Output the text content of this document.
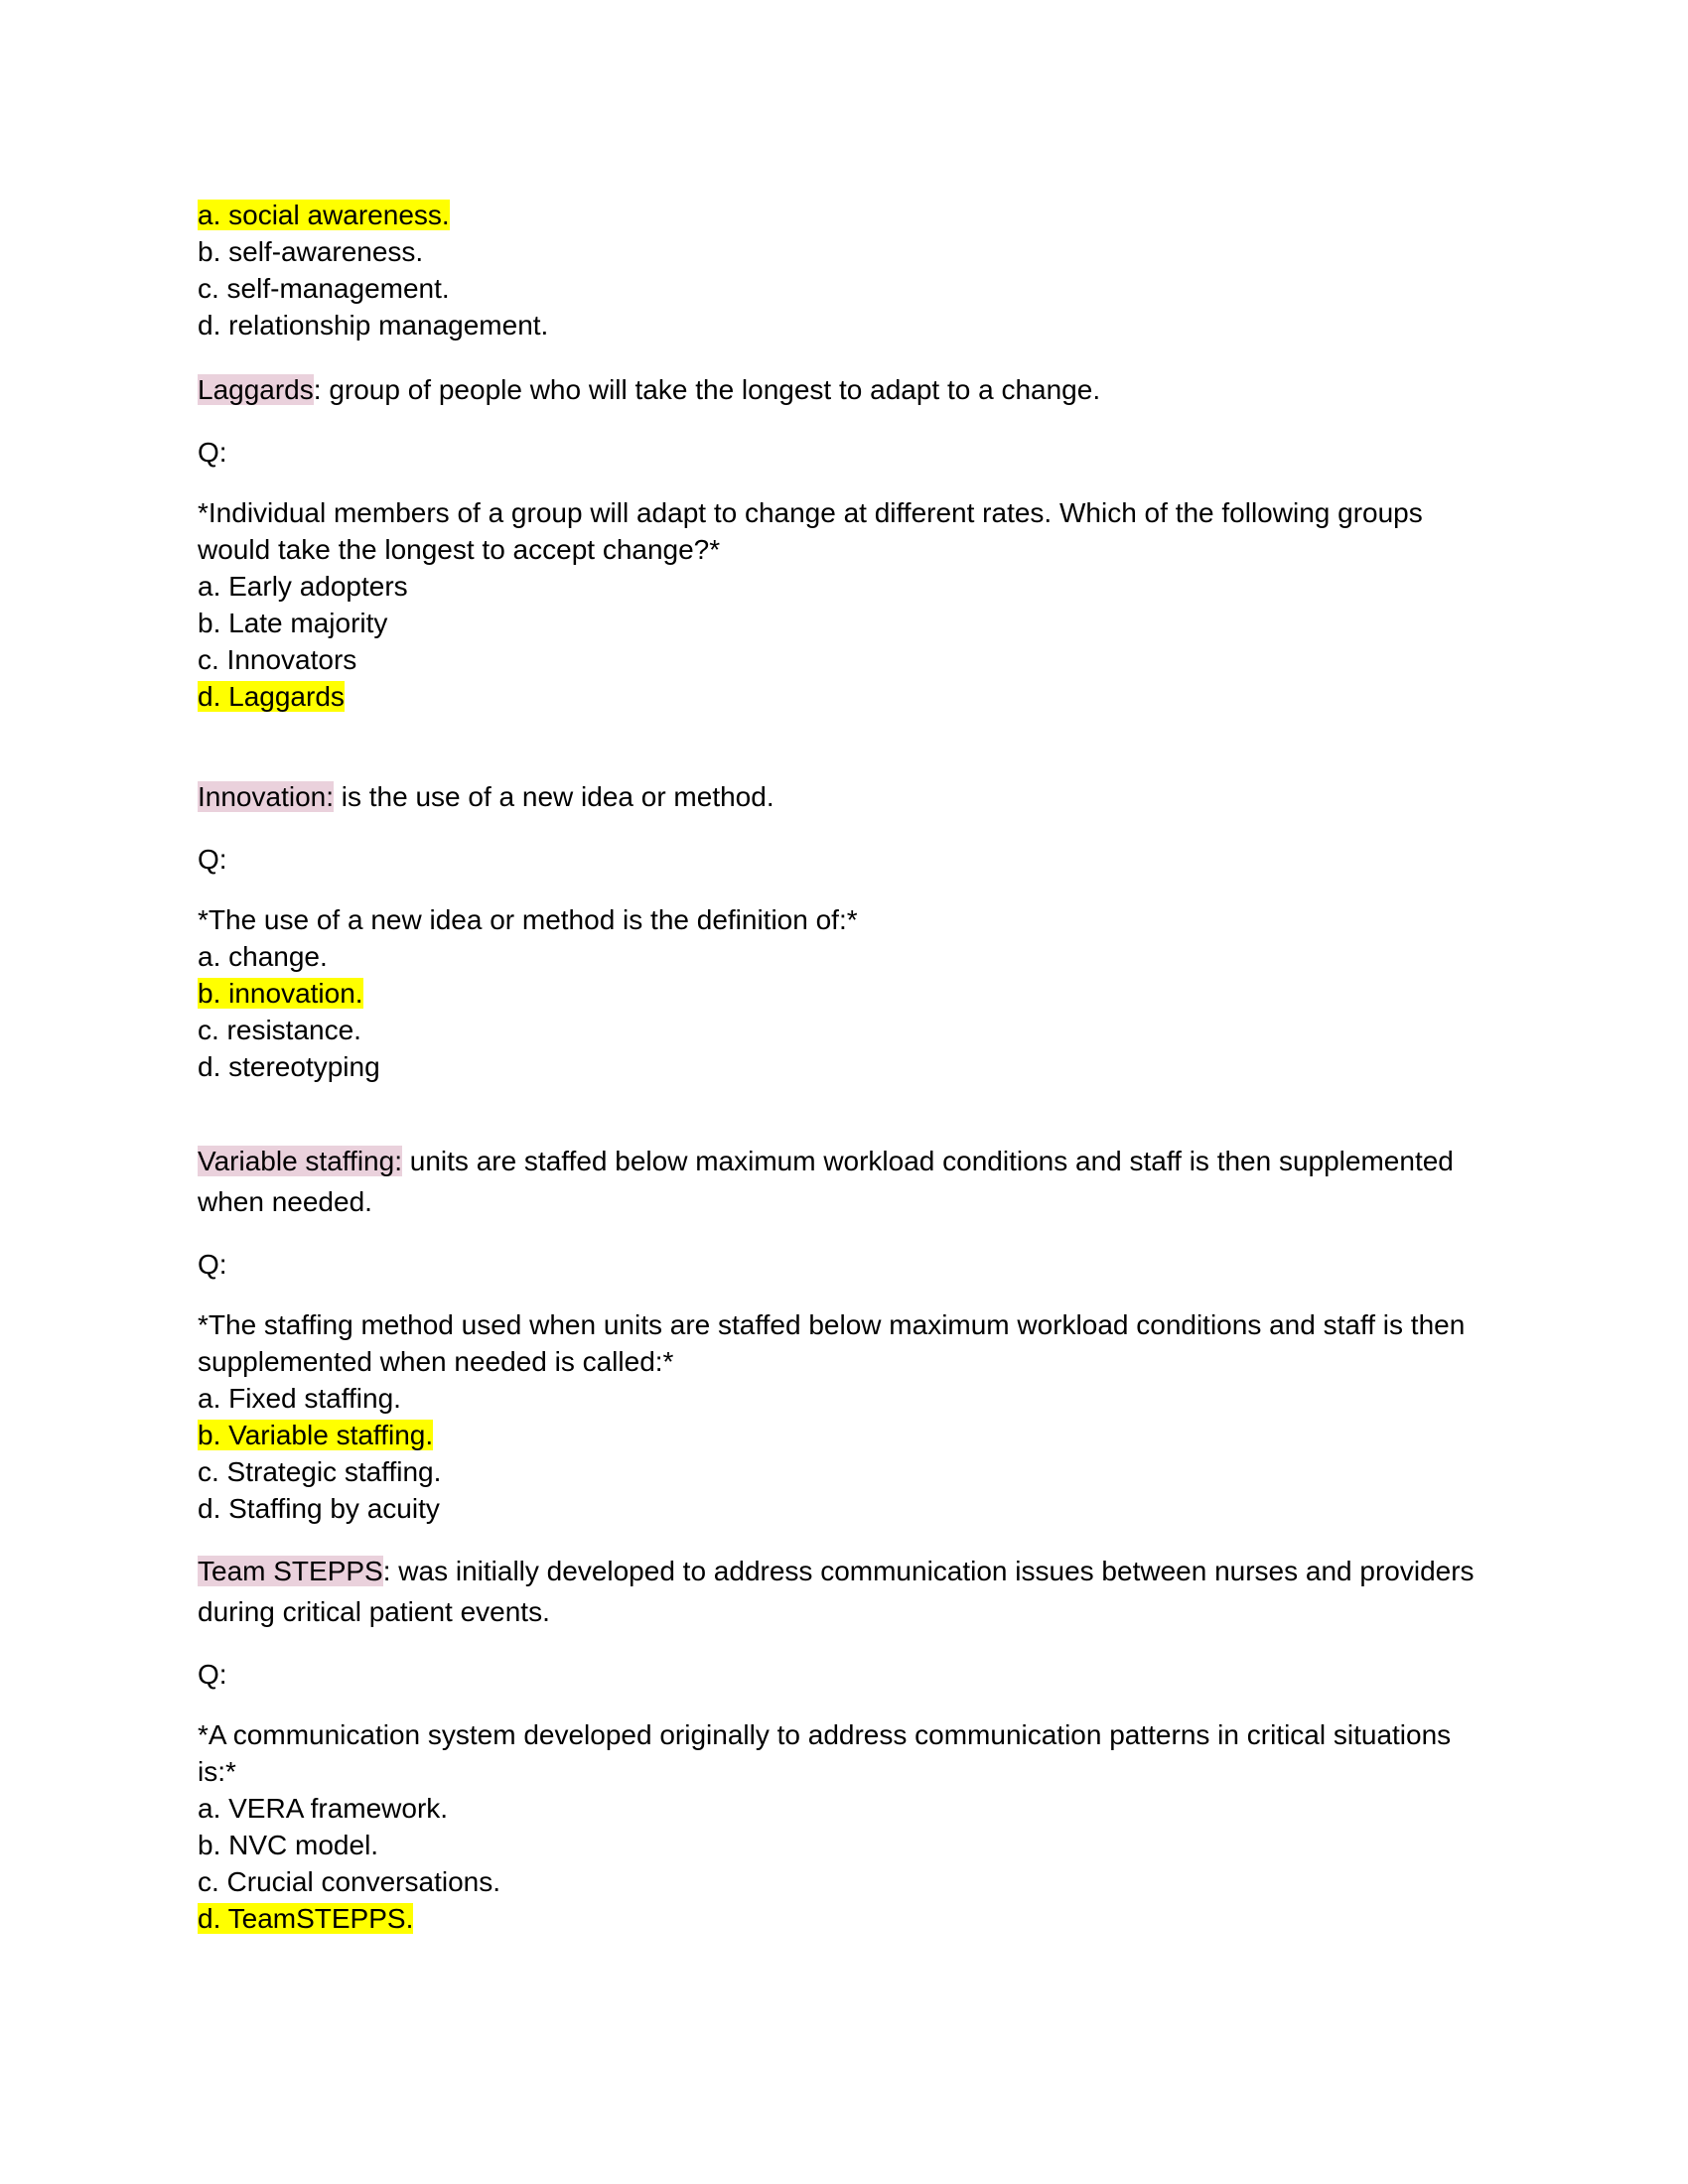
a. social awareness.
b. self-awareness.
c. self-management.
d. relationship management.
Laggards: group of people who will take the longest to adapt to a change.
Q:
*Individual members of a group will adapt to change at different rates. Which of the following groups would take the longest to accept change?*
a. Early adopters
b. Late majority
c. Innovators
d. Laggards
Innovation: is the use of a new idea or method.
Q:
*The use of a new idea or method is the definition of:*
a. change.
b. innovation.
c. resistance.
d. stereotyping
Variable staffing: units are staffed below maximum workload conditions and staff is then supplemented when needed.
Q:
*The staffing method used when units are staffed below maximum workload conditions and staff is then supplemented when needed is called:*
a. Fixed staffing.
b. Variable staffing.
c. Strategic staffing.
d. Staffing by acuity
Team STEPPS: was initially developed to address communication issues between nurses and providers during critical patient events.
Q:
*A communication system developed originally to address communication patterns in critical situations is:*
a. VERA framework.
b. NVC model.
c. Crucial conversations.
d. TeamSTEPPS.
